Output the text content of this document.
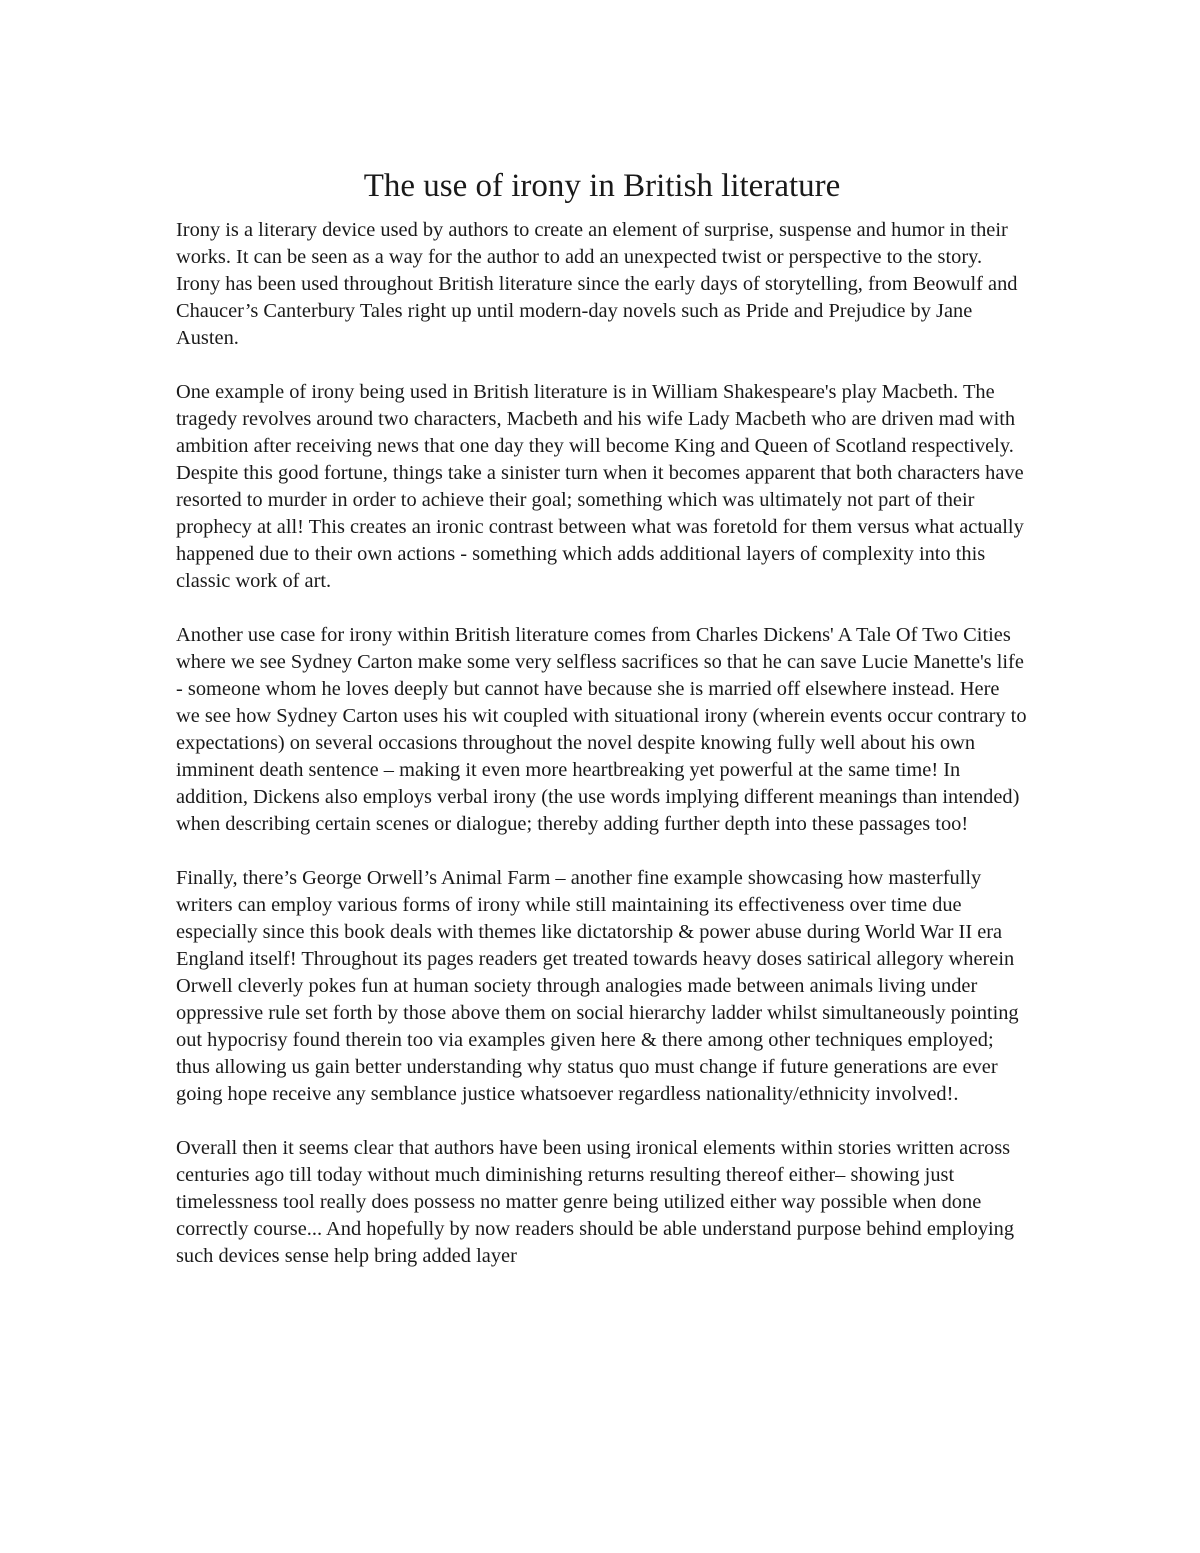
The use of irony in British literature

Irony is a literary device used by authors to create an element of surprise, suspense and humor in their works. It can be seen as a way for the author to add an unexpected twist or perspective to the story. Irony has been used throughout British literature since the early days of storytelling, from Beowulf and Chaucer’s Canterbury Tales right up until modern-day novels such as Pride and Prejudice by Jane Austen.

One example of irony being used in British literature is in William Shakespeare's play Macbeth. The tragedy revolves around two characters, Macbeth and his wife Lady Macbeth who are driven mad with ambition after receiving news that one day they will become King and Queen of Scotland respectively. Despite this good fortune, things take a sinister turn when it becomes apparent that both characters have resorted to murder in order to achieve their goal; something which was ultimately not part of their prophecy at all! This creates an ironic contrast between what was foretold for them versus what actually happened due to their own actions - something which adds additional layers of complexity into this classic work of art.

Another use case for irony within British literature comes from Charles Dickens' A Tale Of Two Cities where we see Sydney Carton make some very selfless sacrifices so that he can save Lucie Manette's life - someone whom he loves deeply but cannot have because she is married off elsewhere instead. Here we see how Sydney Carton uses his wit coupled with situational irony (wherein events occur contrary to expectations) on several occasions throughout the novel despite knowing fully well about his own imminent death sentence – making it even more heartbreaking yet powerful at the same time! In addition, Dickens also employs verbal irony (the use words implying different meanings than intended) when describing certain scenes or dialogue; thereby adding further depth into these passages too!

Finally, there’s George Orwell’s Animal Farm – another fine example showcasing how masterfully writers can employ various forms of irony while still maintaining its effectiveness over time due especially since this book deals with themes like dictatorship & power abuse during World War II era England itself! Throughout its pages readers get treated towards heavy doses satirical allegory wherein Orwell cleverly pokes fun at human society through analogies made between animals living under oppressive rule set forth by those above them on social hierarchy ladder whilst simultaneously pointing out hypocrisy found therein too via examples given here & there among other techniques employed; thus allowing us gain better understanding why status quo must change if future generations are ever going hope receive any semblance justice whatsoever regardless nationality/ethnicity involved!.

Overall then it seems clear that authors have been using ironical elements within stories written across centuries ago till today without much diminishing returns resulting thereof either– showing just timelessness tool really does possess no matter genre being utilized either way possible when done correctly course... And hopefully by now readers should be able understand purpose behind employing such devices sense help bring added layer
